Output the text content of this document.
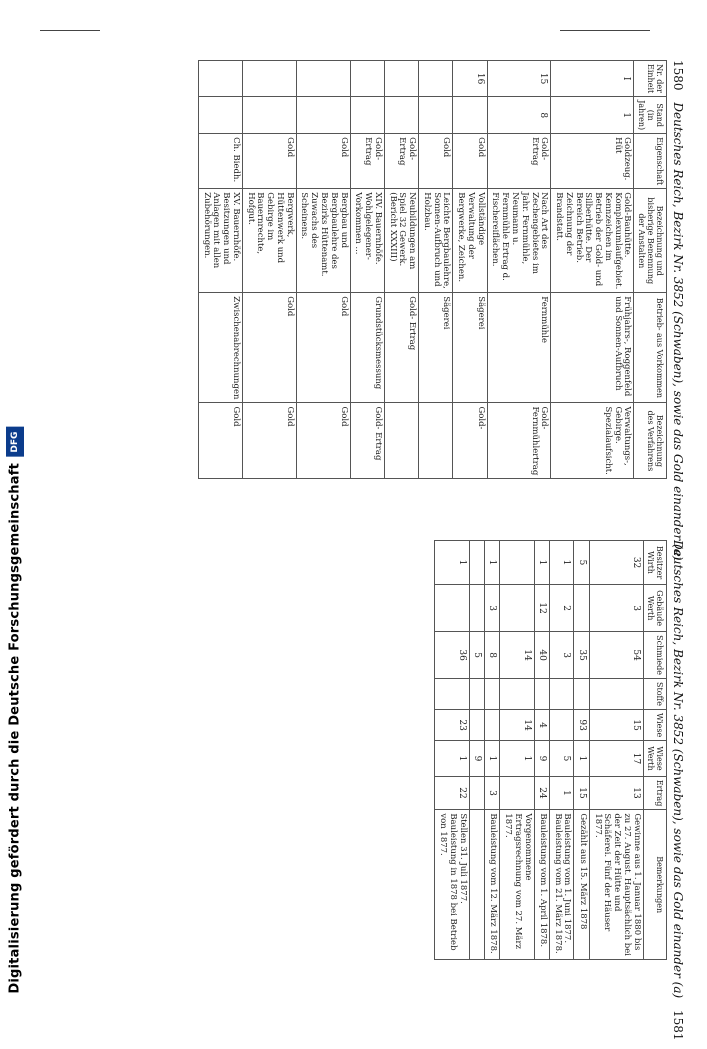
1580 Deutsches Reich, Bezirk Nr. 3852 (Schwaben), sowie das Gold einander (a)
Nr. der Einheit	Stand (in Jahren)	Eigenschaft	Bezeichnung und bisherige Benennung der Anstalten	Betrieb- aus Vorkommen	Bezeichnung des Verfahrens
I	1	Goldzeug. Hüt	Gold-Bauhütte. Komplexumlaufgebiet. Kennzeichen im Betrieb der Gold- und Silberhütte. Der Bereich Betrieb. Zeichnung der Brandstatt.	Frühjahrs-, Roggenfeld und Sonnen-Aufbruch	Verwaltungs-, Gebirge. Spezialaufsicht.
15	8	Gold- Ertrag	Nach Art des Zechengebietes im Jahr. Fernmühle, Neumann u. Fernmühle Ertrag d. Fischereiflächen.	Fernmühle	Gold- Fernmühlertrag
16		Gold	Vollständige Verwaltung der Bergwerke, Zeichen.	Sägerei	Gold-
		Gold	Leichte Bergbaulehre, Sonnen-Aufbruch und Holzbau.	Sägerei	
		Gold- Ertrag	Neubildungen am Spiel 32 Gewerk. (Bericht XXXIII)	Gold- Ertrag	
		Gold- Ertrag	XIV. Bauernhöfe. Wohlgelegener-Vorkommen ...	Grundstücksmessung	Gold- Ertrag
		Gold	Bergbau und Bergbaulehre des Bezirks Hüttenamt. Zuwachs des Scheinens.	Gold	Gold
		Gold	Bergwerk, Hüttenwerk und Gebirge im Bauernrechte, Hofgut.	Gold	Gold
		Ch. Biedh.	XV. Bauernhöfe. Besitzungen und Anlagen mit allen Zubehörungen.	Zwischenabrechnungen	Gold
Deutsches Reich, Bezirk Nr. 3852 (Schwaben), sowie das Gold einander (a) 1581
Besitzer Wirth	Gebäude Werth	Schmiede	Stoffe	Wiese	Wiese Werth	Ertrag	Bemerkungen
32	3	54		15	17	13	Gewinne aus 1. Januar 1880 bis zu 27. August. Hauptsächlich bei der Zeit der Hütte und Schäferei. Fünf der Häuser 1877.
5		35		93	1	15	Gezählt aus 15. März 1878
1	2	3			5	1	Bauleistung vom 1. Juni 1877. Bauleistung vom 21. März 1878.
1	12	40		4	9	24	Bauleistung vom 1. April 1878.
		14		14	1		Vorgenommene Ertragsrechnung vom 27. März 1877.
1	3	8			1	3	Bauleistung vom 12. März 1878.
		5			9		
1		36		23	1	22	Stellen 31. Juli 1877. Bauleistung in 1878 bei Betrieb von 1877.
DFG
Digitalisierung gefördert durch die Deutsche Forschungsgemeinschaft
